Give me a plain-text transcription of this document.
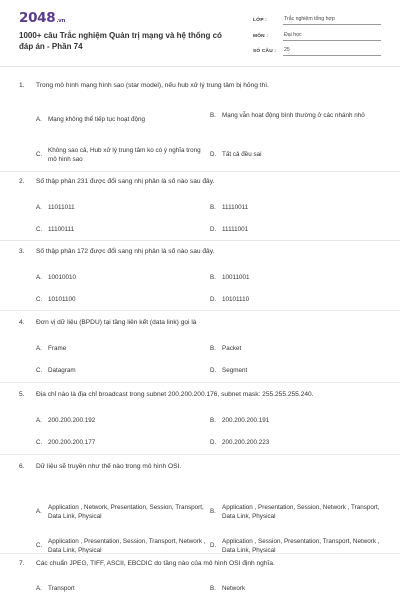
2048.vn
1000+ câu Trắc nghiệm Quản trị mạng và hệ thống có đáp án - Phần 74
LỚP :	Trắc nghiệm tổng hợp
MÔN :	Đại học
SỐ CÂU :	25
1.	Trong mô hình mạng hình sao (star model), nếu hub xử lý trung tâm bị hỏng thì.
A. Mạng không thể tiếp tục hoạt động
B. Mạng vẫn hoạt động bình thường ở các nhánh nhỏ
C.
Không sao cả, Hub xử lý trung tâm ko có ý nghĩa trong mô hình sao
D. Tất cả đều sai
2.	Số thập phân 231 được đổi sang nhị phân là số nào sau đây.
A. 11011011	B. 11110011
C. 11100111	D. 11111001
3.	Số thập phân 172 được đổi sang nhị phân là số nào sau đây.
A. 10010010	B. 10011001
C. 10101100	D. 10101110
4.	Đơn vị dữ liệu (BPDU) tại tầng liên kết (data link) gọi là
A. Frame	B. Packet
C. Datagram	D. Segment
5.	Địa chỉ nào là địa chỉ broadcast trong subnet 200.200.200.176, subnet mask: 255.255.255.240.
A. 200.200.200.192	B. 200.200.200.191
C. 200.200.200.177	D. 200.200.200.223
6.	Dữ liệu sẽ truyền như thế nào trong mô hình OSI.
A.
Application , Network, Presentation, Session, Transport, Data Link, Physical
B.
Application , Presentation, Session, Network , Transport, Data Link, Physical
C.
Application , Presentation, Session, Transport, Network , Data Link, Physical
D.
Application , Session, Presentation, Transport, Network , Data Link, Physical
7.	Các chuẩn JPEG, TIFF, ASCII, EBCDIC do tầng nào của mô hình OSI định nghĩa.
A. Transport	B. Network
